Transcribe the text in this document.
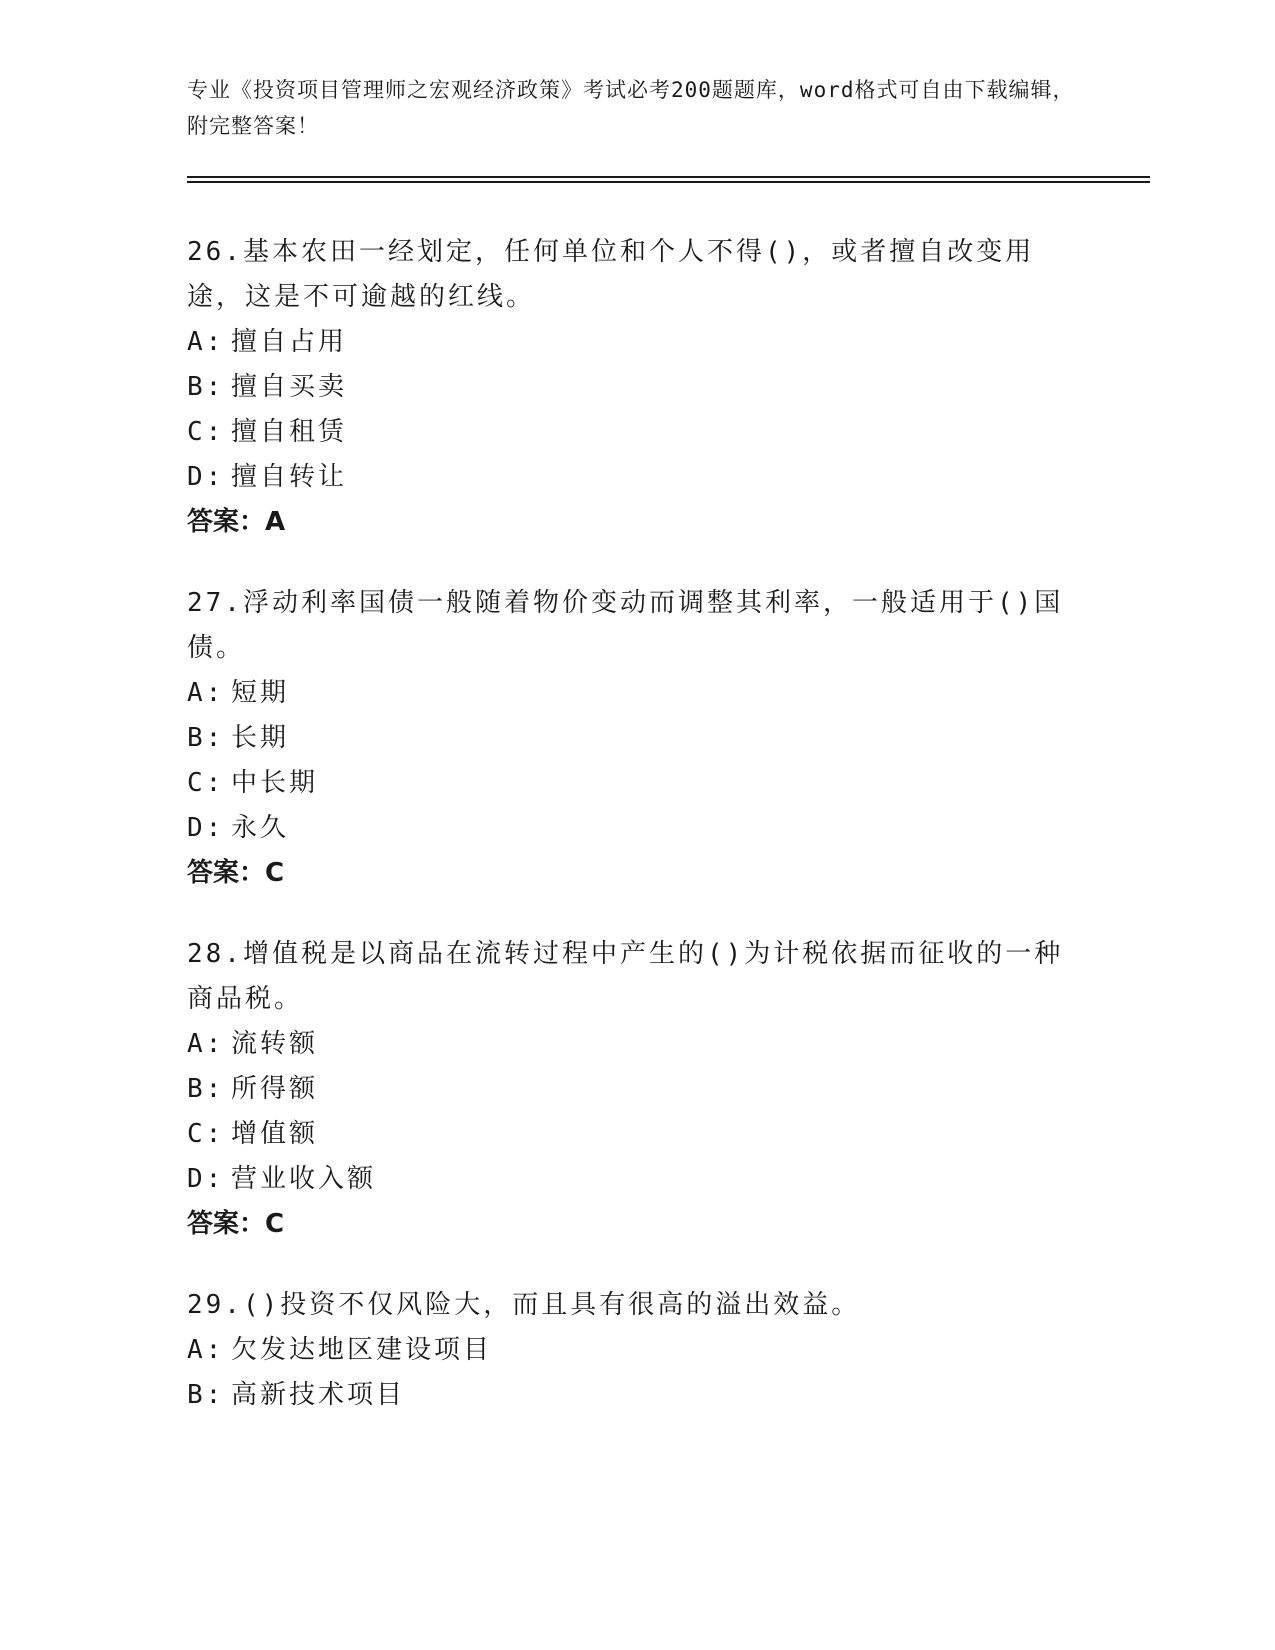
专业《投资项目管理师之宏观经济政策》考试必考200题题库，word格式可自由下载编辑，附完整答案！
26.基本农田一经划定，任何单位和个人不得()，或者擅自改变用途，这是不可逾越的红线。
A: 擅自占用
B: 擅自买卖
C: 擅自租赁
D: 擅自转让
答案：A
27.浮动利率国债一般随着物价变动而调整其利率，一般适用于()国债。
A: 短期
B: 长期
C: 中长期
D: 永久
答案：C
28.增值税是以商品在流转过程中产生的()为计税依据而征收的一种商品税。
A: 流转额
B: 所得额
C: 增值额
D: 营业收入额
答案：C
29.()投资不仅风险大，而且具有很高的溢出效益。
A: 欠发达地区建设项目
B: 高新技术项目
